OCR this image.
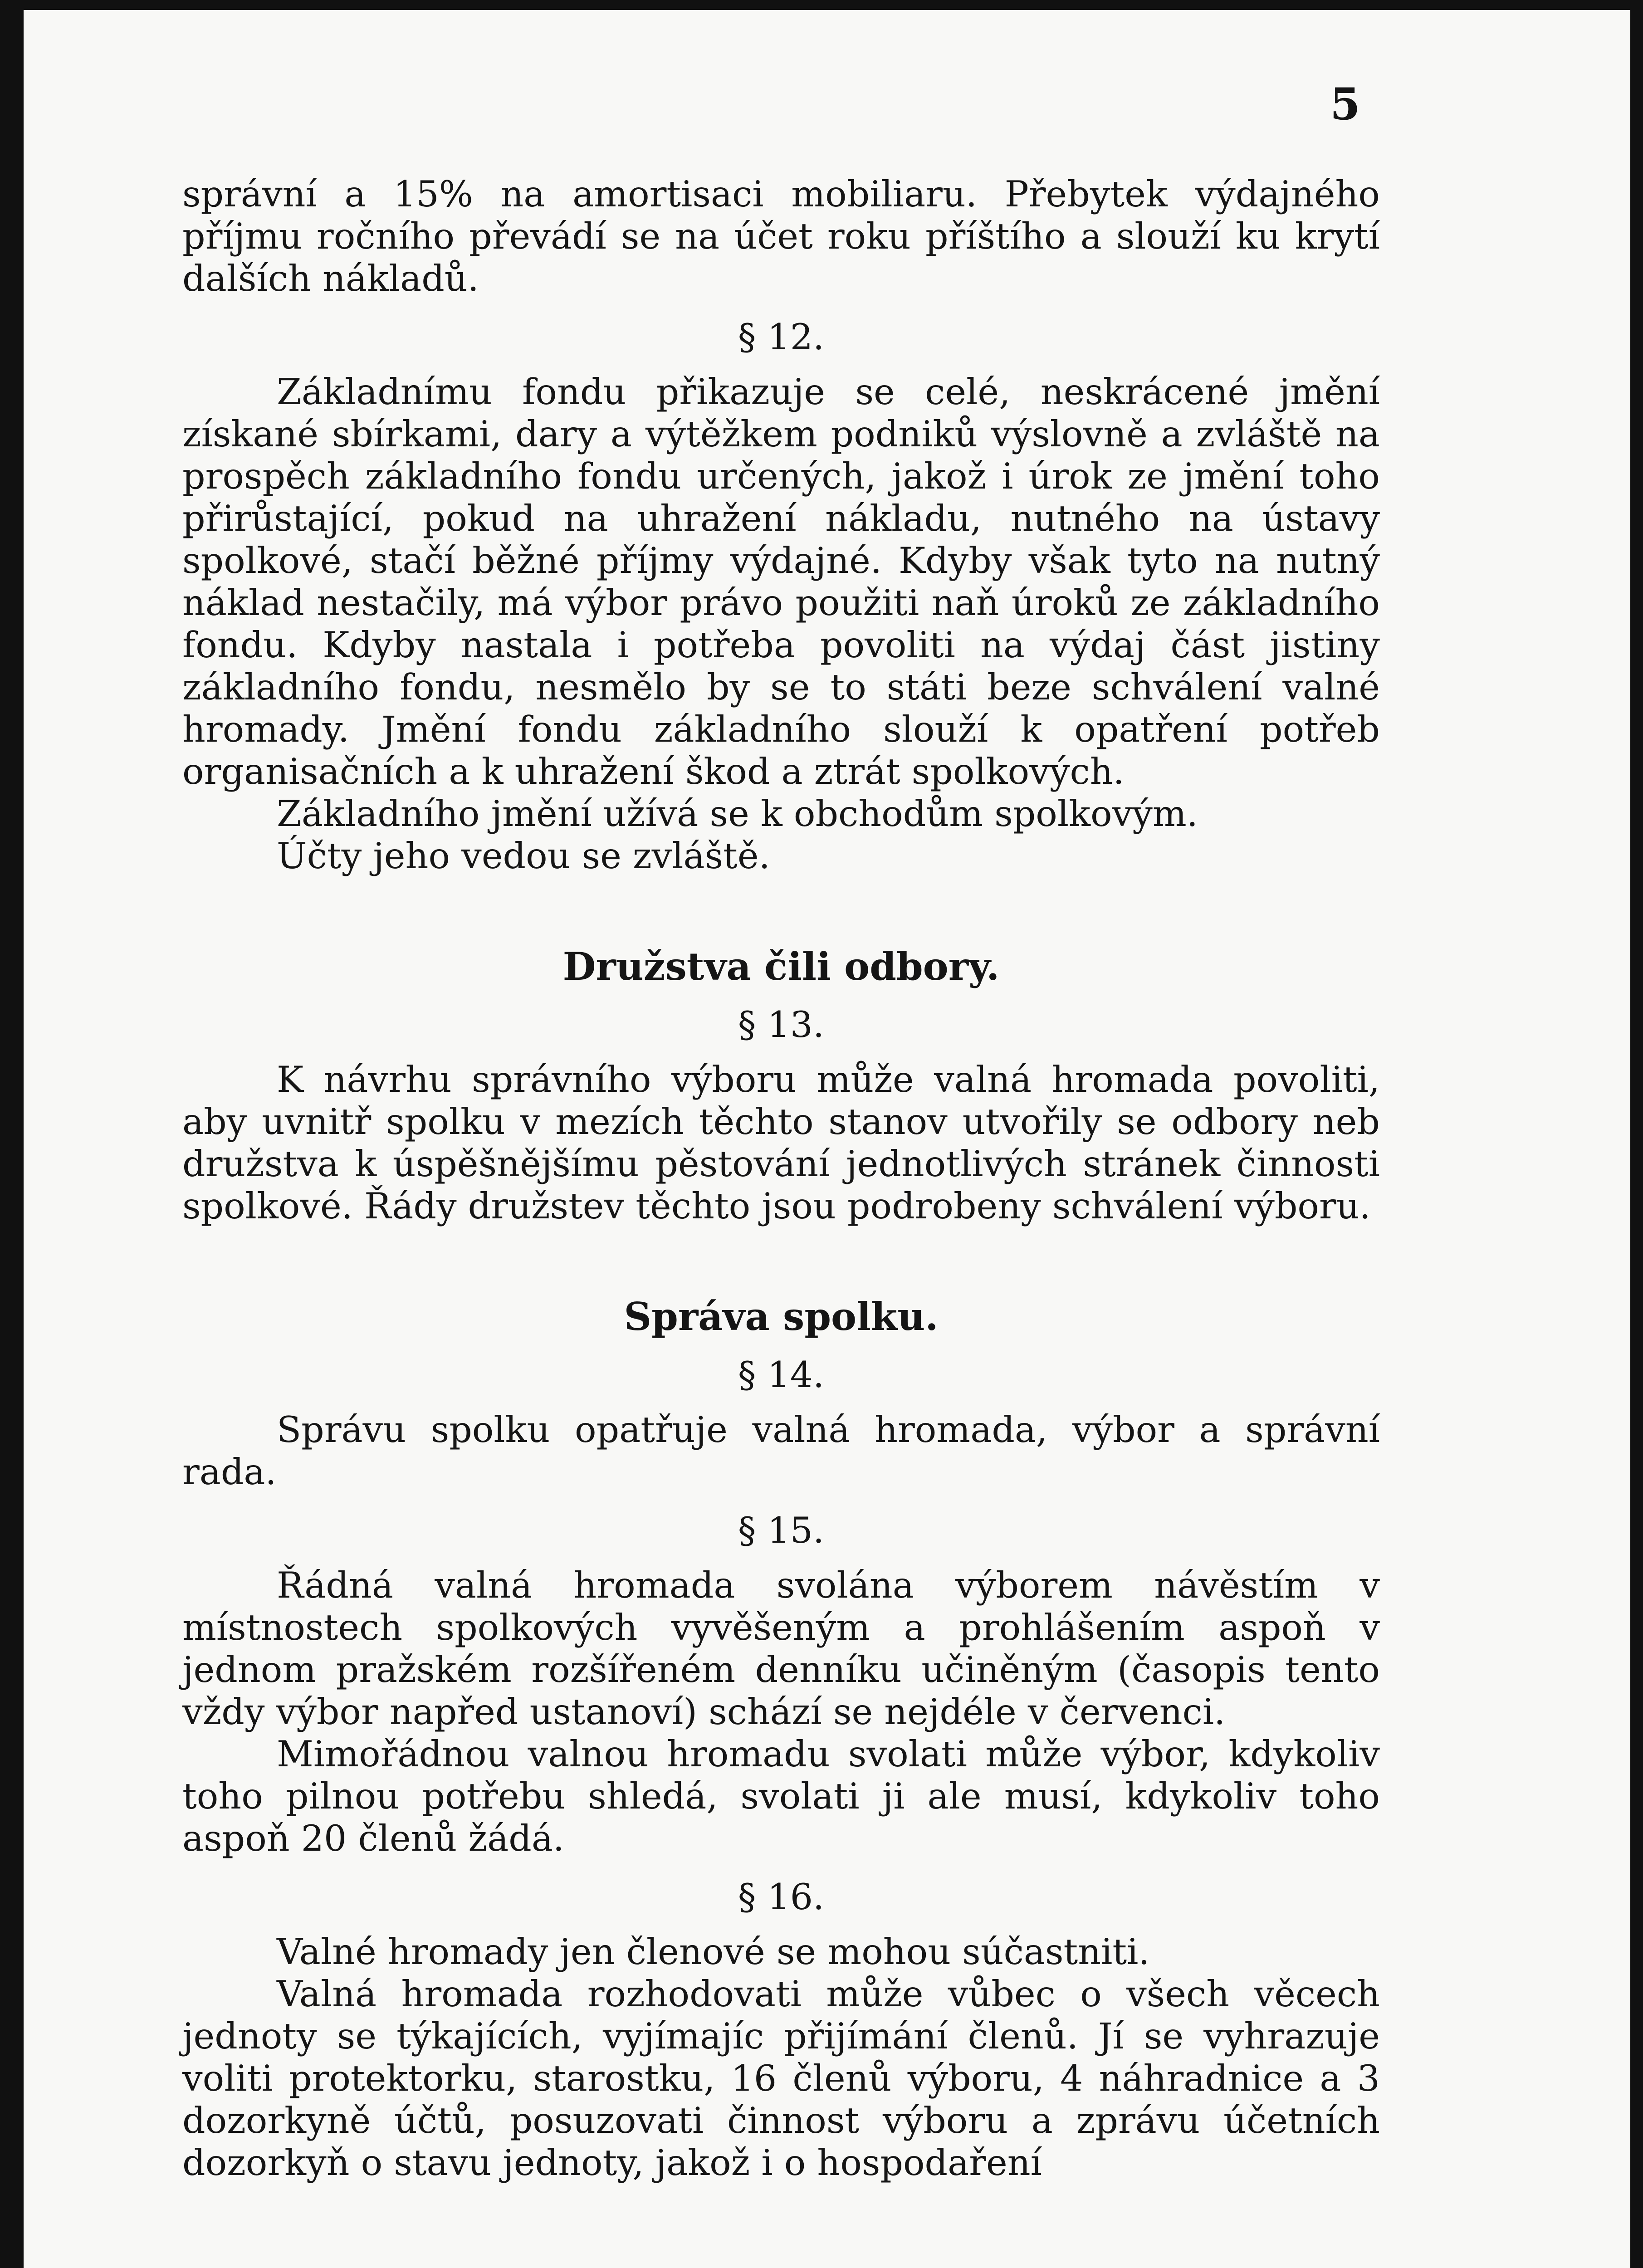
5

správní a 15% na amortisaci mobiliaru. Přebytek výdajného příjmu ročního převádí se na účet roku příštího a slouží ku krytí dalších nákladů.

§ 12.

Základnímu fondu přikazuje se celé, neskrácené jmění získané sbírkami, dary a výtěžkem podniků výslovně a zvláště na prospěch základního fondu určených, jakož i úrok ze jmění toho přirůstající, pokud na uhražení nákladu, nutného na ústavy spolkové, stačí běžné příjmy výdajné. Kdyby však tyto na nutný náklad nestačily, má výbor právo použiti naň úroků ze základního fondu. Kdyby nastala i potřeba povoliti na výdaj část jistiny základního fondu, nesmělo by se to státi beze schválení valné hromady. Jmění fondu základního slouží k opatření potřeb organisačních a k uhražení škod a ztrát spolkových.

Základního jmění užívá se k obchodům spolkovým.

Účty jeho vedou se zvláště.

Družstva čili odbory.
§ 13.

K návrhu správního výboru může valná hromada povoliti, aby uvnitř spolku v mezích těchto stanov utvořily se odbory neb družstva k úspěšnějšímu pěstování jednotlivých stránek činnosti spolkové. Řády družstev těchto jsou podrobeny schválení výboru.

Správa spolku.
§ 14.

Správu spolku opatřuje valná hromada, výbor a správní rada.

§ 15.

Řádná valná hromada svolána výborem návěstím v místnostech spolkových vyvěšeným a prohlášením aspoň v jednom pražském rozšířeném denníku učiněným (časopis tento vždy výbor napřed ustanoví) schází se nejdéle v červenci.

Mimořádnou valnou hromadu svolati může výbor, kdykoliv toho pilnou potřebu shledá, svolati ji ale musí, kdykoliv toho aspoň 20 členů žádá.

§ 16.

Valné hromady jen členové se mohou súčastniti.

Valná hromada rozhodovati může vůbec o všech věcech jednoty se týkajících, vyjímajíc přijímání členů. Jí se vyhrazuje voliti protektorku, starostku, 16 členů výboru, 4 náhradnice a 3 dozorkyně účtů, posuzovati činnost výboru a zprávu účetních dozorkyň o stavu jednoty, jakož i o hospodaření
